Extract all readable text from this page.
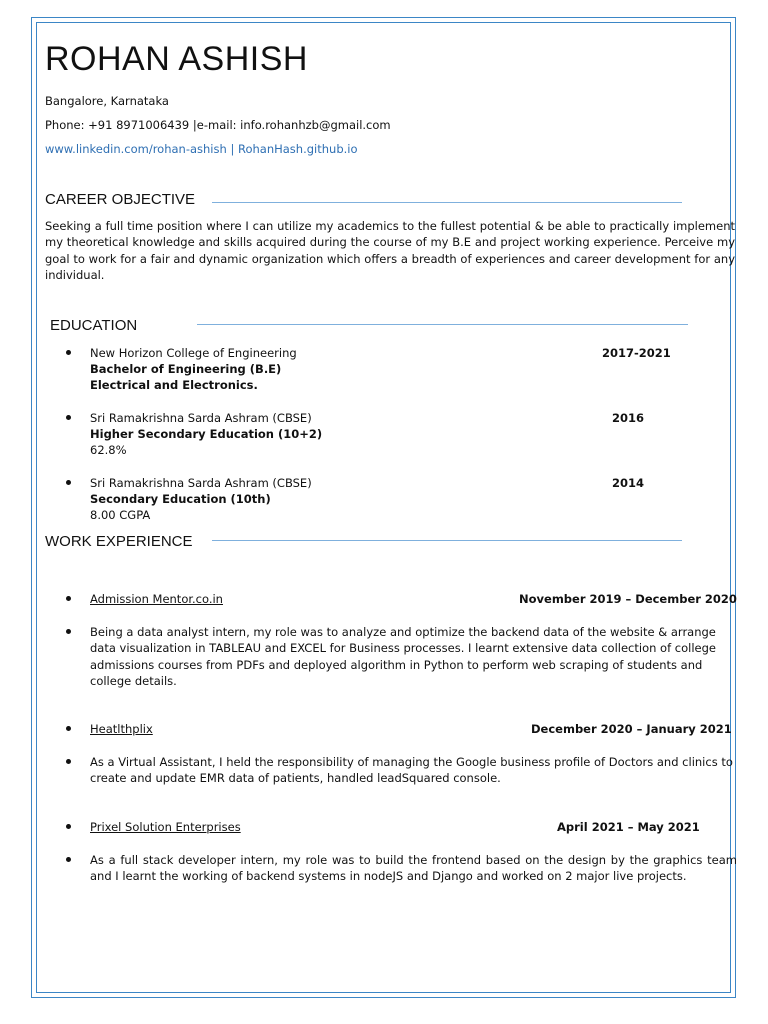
ROHAN ASHISH
Bangalore, Karnataka
Phone: +91 8971006439 |e-mail: info.rohanhzb@gmail.com
www.linkedin.com/rohan-ashish | RohanHash.github.io
CAREER OBJECTIVE
Seeking a full time position where I can utilize my academics to the fullest potential & be able to practically implement my theoretical knowledge and skills acquired during the course of my B.E and project working experience. Perceive my goal to work for a fair and dynamic organization which offers a breadth of experiences and career development for any individual.
EDUCATION
New Horizon College of Engineering	2017-2021
Bachelor of Engineering (B.E)
Electrical and Electronics.
Sri Ramakrishna Sarda Ashram (CBSE)	2016
Higher Secondary Education (10+2)
62.8%
Sri Ramakrishna Sarda Ashram (CBSE)	2014
Secondary Education (10th)
8.00 CGPA
WORK EXPERIENCE
Admission Mentor.co.in	November 2019 – December 2020
Being a data analyst intern, my role was to analyze and optimize the backend data of the website & arrange data visualization in TABLEAU and EXCEL for Business processes. I learnt extensive data collection of college admissions courses from PDFs and deployed algorithm in Python to perform web scraping of students and college details.
Heatlthplix	December 2020 – January 2021
As a Virtual Assistant, I held the responsibility of managing the Google business profile of Doctors and clinics to create and update EMR data of patients, handled leadSquared console.
Prixel Solution Enterprises	April 2021 – May 2021
As a full stack developer intern, my role was to build the frontend based on the design by the graphics team and I learnt the working of backend systems in nodeJS and Django and worked on 2 major live projects.
